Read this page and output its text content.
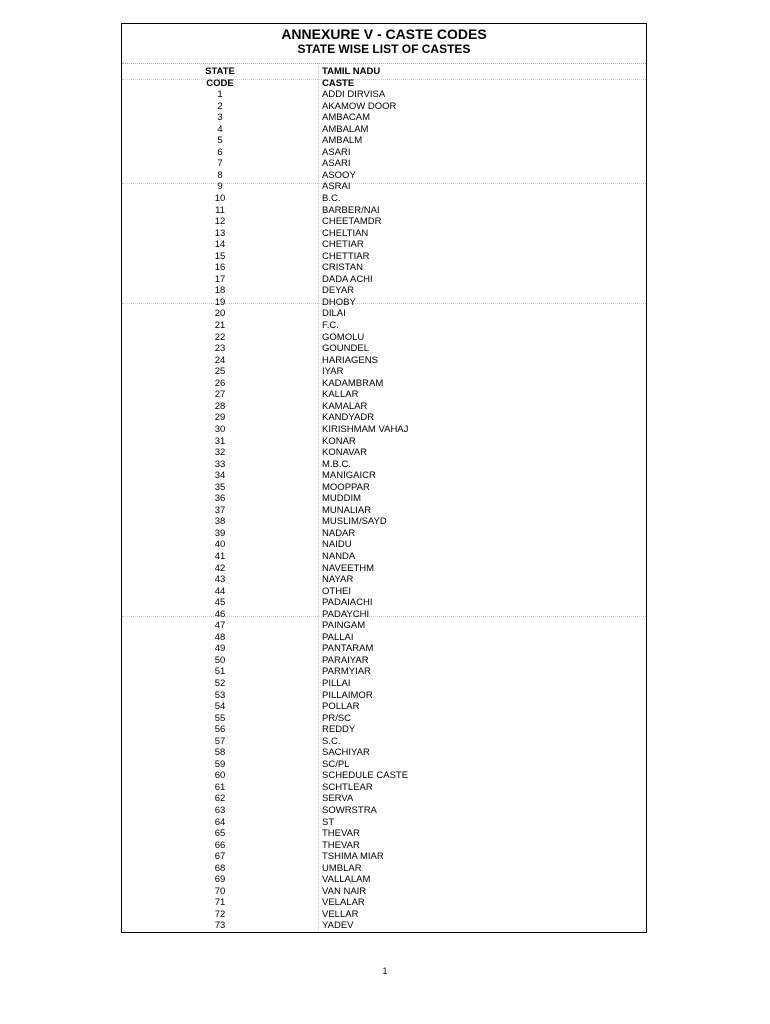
ANNEXURE V - CASTE CODES
STATE WISE LIST OF CASTES
STATE	TAMIL NADU
CODE	CASTE
1	ADDI DIRVISA
2	AKAMOW DOOR
3	AMBACAM
4	AMBALAM
5	AMBALM
6	ASARI
7	ASARI
8	ASOOY
9	ASRAI
10	B.C.
11	BARBER/NAI
12	CHEETAMDR
13	CHELTIAN
14	CHETIAR
15	CHETTIAR
16	CRISTAN
17	DADA ACHI
18	DEYAR
19	DHOBY
20	DILAI
21	F.C.
22	GOMOLU
23	GOUNDEL
24	HARIAGENS
25	IYAR
26	KADAMBRAM
27	KALLAR
28	KAMALAR
29	KANDYADR
30	KIRISHMAM VAHAJ
31	KONAR
32	KONAVAR
33	M.B.C.
34	MANIGAICR
35	MOOPPAR
36	MUDDIM
37	MUNALIAR
38	MUSLIM/SAYD
39	NADAR
40	NAIDU
41	NANDA
42	NAVEETHM
43	NAYAR
44	OTHEI
45	PADAIACHI
46	PADAYCHI
47	PAINGAM
48	PALLAI
49	PANTARAM
50	PARAIYAR
51	PARMYIAR
52	PILLAI
53	PILLAIMOR
54	POLLAR
55	PR/SC
56	REDDY
57	S.C.
58	SACHIYAR
59	SC/PL
60	SCHEDULE CASTE
61	SCHTLEAR
62	SERVA
63	SOWRSTRA
64	ST
65	THEVAR
66	THEVAR
67	TSHIMA MIAR
68	UMBLAR
69	VALLALAM
70	VAN NAIR
71	VELALAR
72	VELLAR
73	YADEV
1
